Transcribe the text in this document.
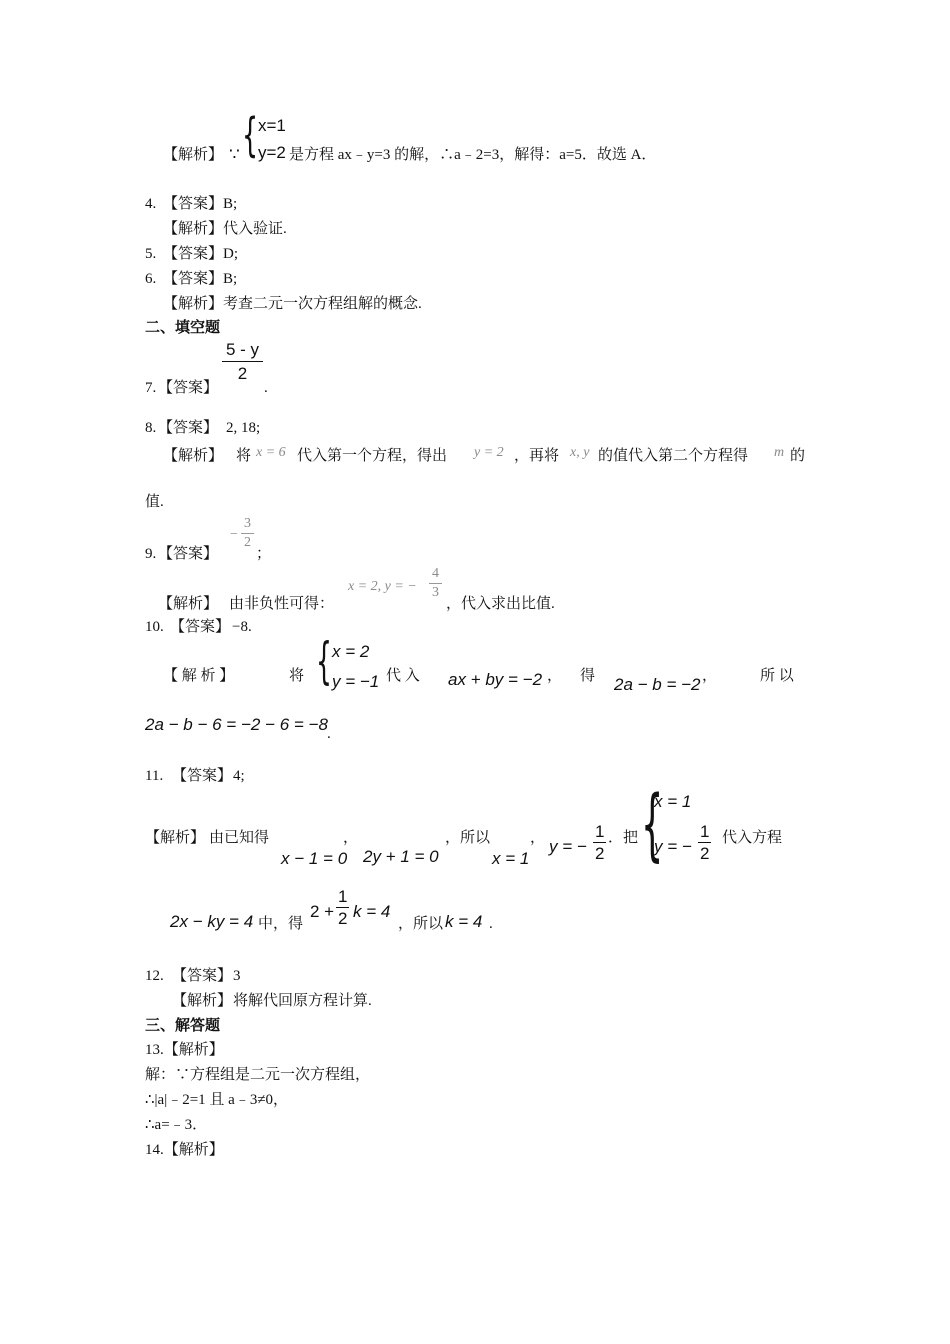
【解析】 ∵ { x=1
y=2 是方程 ax﹣y=3 的解，∴a﹣2=3，解得：a=5．故选 A．
4. 【答案】 B;
【解析】 代入验证.
5. 【答案】 D;
6. 【答案】 B;
【解析】 考查二元一次方程组解的概念.
二、填空题
7. 【答案】
5 - y
2
.
8. 【答案】 2, 18;
【解析】 将 x = 6 代入第一个方程，得出 y = 2 ，再将 x, y 的值代入第二个方程得 m 的
值.
9. 【答案】
−
3
2
；
【解析】 由非负性可得：
x = 2, y = −
4
3
，代入求出比值.
10. 【答案】 −8.
【 解 析 】	将 { x = 2
y = −1 代 入 ax + by = −2 ， 得 2a − b = −2 ，	所 以
2a − b − 6 = −2 − 6 = −8 .
11. 【答案】 4;
【解析】 由已知得	，
x − 1 = 0 2y + 1 = 0
，所以
x = 1
， y = −
1
2
．把 {
x = 1
y = −
1
2
代入方程
2x − ky = 4 中，得
2 +
1
2 k = 4
，所以 k = 4 .
12. 【答案】 3
【解析】 将解代回原方程计算.
三、解答题
13.【解析】
解：∵方程组是二元一次方程组，
∴|a|﹣2=1 且 a﹣3≠0，
∴a=﹣3．
14.【解析】
